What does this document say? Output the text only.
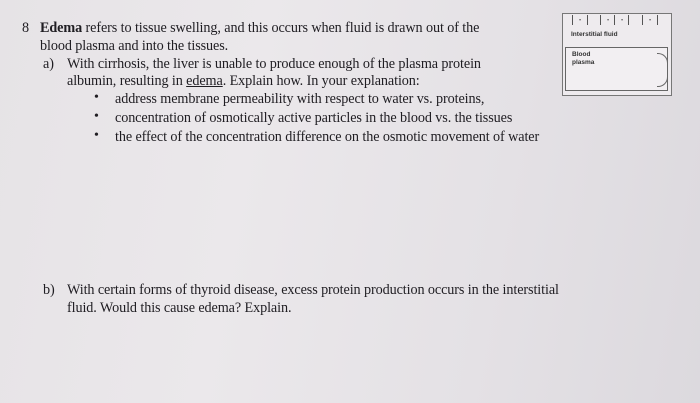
8 Edema refers to tissue swelling, and this occurs when fluid is drawn out of the
blood plasma and into the tissues.
a) With cirrhosis, the liver is unable to produce enough of the plasma protein
albumin, resulting in edema. Explain how. In your explanation:
• address membrane permeability with respect to water vs. proteins,
• concentration of osmotically active particles in the blood vs. the tissues
• the effect of the concentration difference on the osmotic movement of water
b) With certain forms of thyroid disease, excess protein production occurs in the interstitial
fluid. Would this cause edema? Explain.
•	• •	•
Interstitial fluid
Blood
plasma
